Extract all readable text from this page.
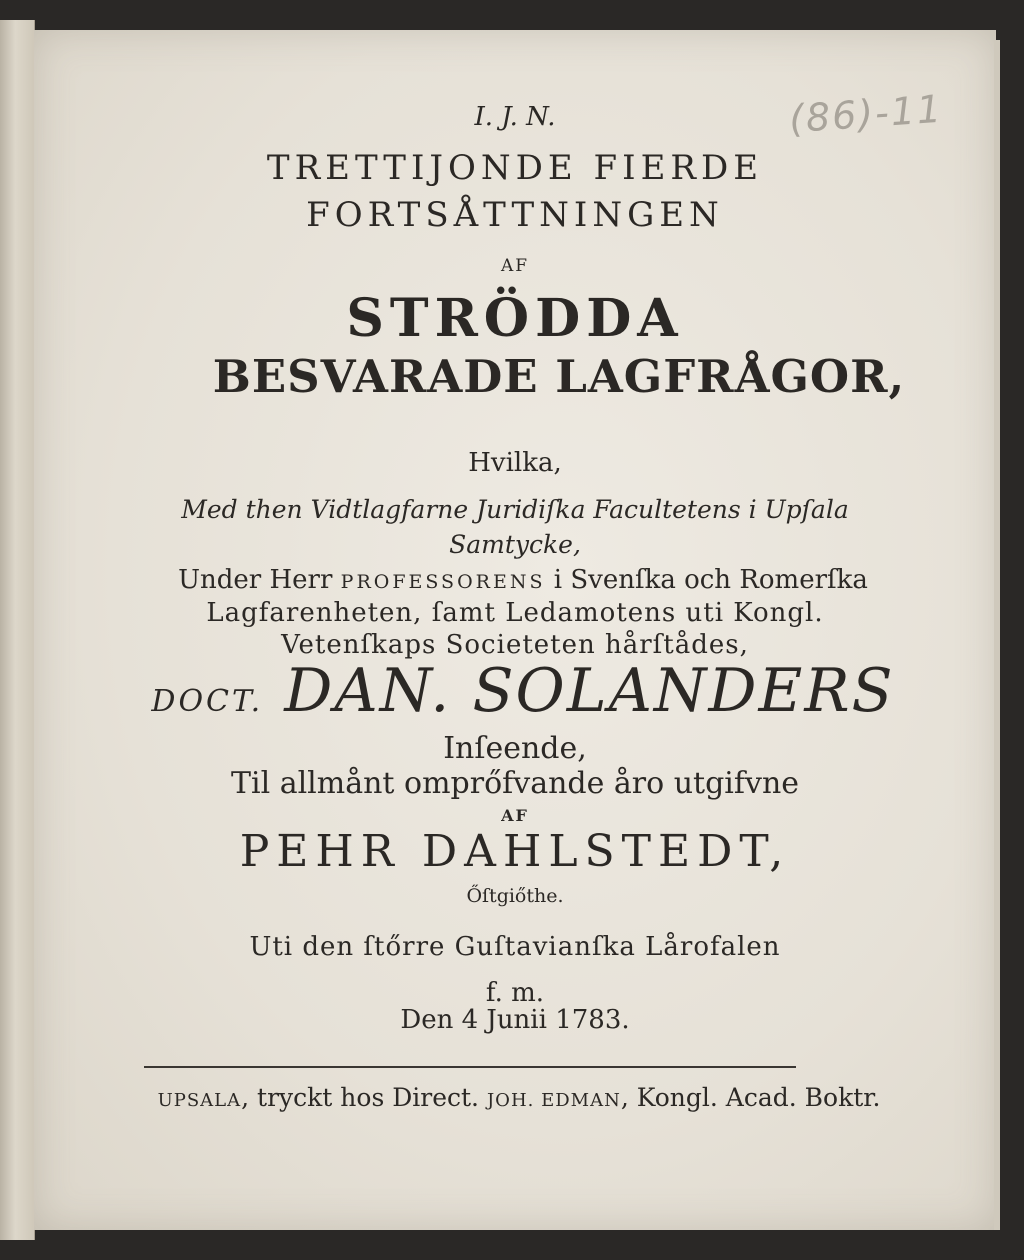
(86)-11
I. J. N.
TRETTIJONDE FIERDE
FORTSÅTTNINGEN
AF
STRÖDDA
BESVARADE LAGFRÅGOR,
Hvilka,
Med then Vidtlagfarne Juridiſka Facultetens i Upſala
Samtycke,
Under Herr PROFESSORENS i Svenſka och Romerſka
Lagfarenheten, ſamt Ledamotens uti Kongl.
Vetenſkaps Societeten hårſtådes,
DOCT. DAN. SOLANDERS
Inſeende,
Til allmånt omprőfvande åro utgifvne
AF
PEHR DAHLSTEDT,
Őſtgiőthe.
Uti den ſtőrre Guſtavianſka Lårofalen
f. m.
Den 4 Junii 1783.
UPSALA, tryckt hos Direct. JOH. EDMAN, Kongl. Acad. Boktr.
